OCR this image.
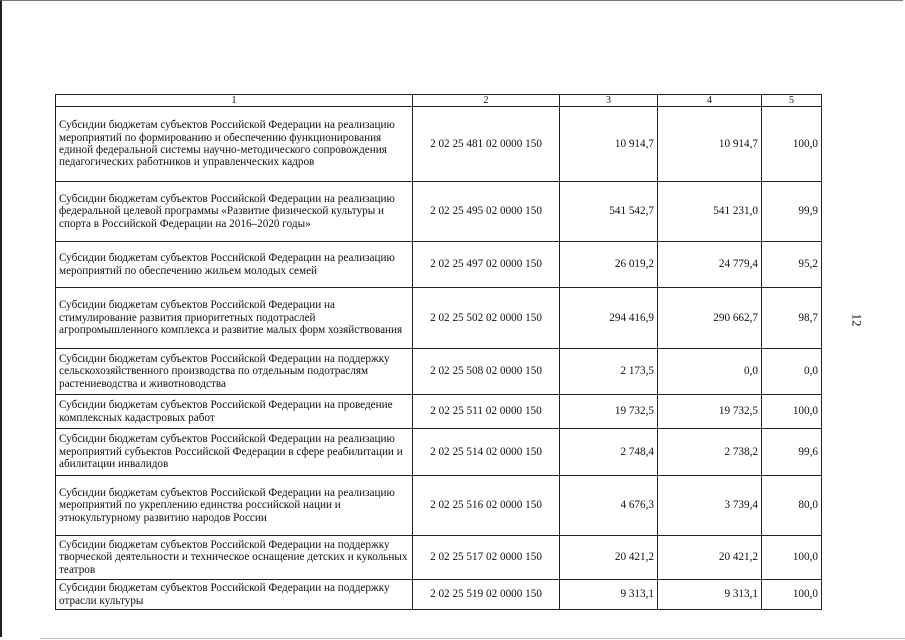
12
1	2	3	4	5
Субсидии бюджетам субъектов Российской Федерации на реализацию мероприятий по формированию и обеспечению функционирования единой федеральной системы научно-методического сопровождения педагогических работников и управленческих кадров	2 02 25 481 02 0000 150	10 914,7	10 914,7	100,0
Субсидии бюджетам субъектов Российской Федерации на реализацию федеральной целевой программы «Развитие физической культуры и спорта в Российской Федерации на 2016–2020 годы»	2 02 25 495 02 0000 150	541 542,7	541 231,0	99,9
Субсидии бюджетам субъектов Российской Федерации на реализацию мероприятий по обеспечению жильем молодых семей	2 02 25 497 02 0000 150	26 019,2	24 779,4	95,2
Субсидии бюджетам субъектов Российской Федерации на стимулирование развития приоритетных подотраслей агропромышленного комплекса и развитие малых форм хозяйствования	2 02 25 502 02 0000 150	294 416,9	290 662,7	98,7
Субсидии бюджетам субъектов Российской Федерации на поддержку сельскохозяйственного производства по отдельным подотраслям растениеводства и животноводства	2 02 25 508 02 0000 150	2 173,5	0,0	0,0
Субсидии бюджетам субъектов Российской Федерации на проведение комплексных кадастровых работ	2 02 25 511 02 0000 150	19 732,5	19 732,5	100,0
Субсидии бюджетам субъектов Российской Федерации на реализацию мероприятий субъектов Российской Федерации в сфере реабилитации и абилитации инвалидов	2 02 25 514 02 0000 150	2 748,4	2 738,2	99,6
Субсидии бюджетам субъектов Российской Федерации на реализацию мероприятий по укреплению единства российской нации и этнокультурному развитию народов России	2 02 25 516 02 0000 150	4 676,3	3 739,4	80,0
Субсидии бюджетам субъектов Российской Федерации на поддержку творческой деятельности и техническое оснащение детских и кукольных театров	2 02 25 517 02 0000 150	20 421,2	20 421,2	100,0
Субсидии бюджетам субъектов Российской Федерации на поддержку отрасли культуры	2 02 25 519 02 0000 150	9 313,1	9 313,1	100,0
